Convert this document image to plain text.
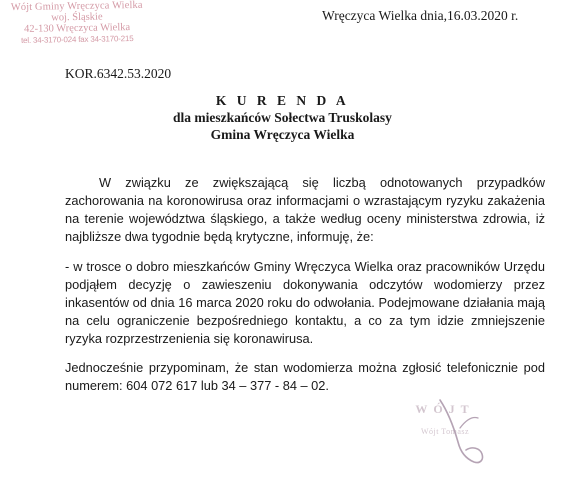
Wójt Gminy Wręczyca Wielka
woj. Śląskie
42-130 Wręczyca Wielka
tel. 34-3170-024 fax 34-3170-215
Wręczyca Wielka dnia,16.03.2020 r.
KOR.6342.53.2020
K U R E N D A
dla mieszkańców Sołectwa Truskolasy
Gmina Wręczyca Wielka
W związku ze zwiększającą się liczbą odnotowanych przypadków zachorowania na koronowirusa oraz informacjami o wzrastającym ryzyku zakażenia na terenie województwa śląskiego, a także według oceny ministerstwa zdrowia, iż najbliższe dwa tygodnie będą krytyczne, informuję, że:
- w trosce o dobro mieszkańców Gminy Wręczyca Wielka oraz pracowników Urzędu podjąłem decyzję o zawieszeniu dokonywania odczytów wodomierzy przez inkasentów od dnia 16 marca 2020 roku do odwołania. Podejmowane działania mają na celu ograniczenie bezpośredniego kontaktu, a co za tym idzie zmniejszenie ryzyka rozprzestrzenienia się koronawirusa.
Jednocześnie przypominam, że stan wodomierza można zgłosić telefonicznie pod numerem: 604 072 617 lub 34 – 377 - 84 – 02.
WÓJT
Wójt Tomasz
